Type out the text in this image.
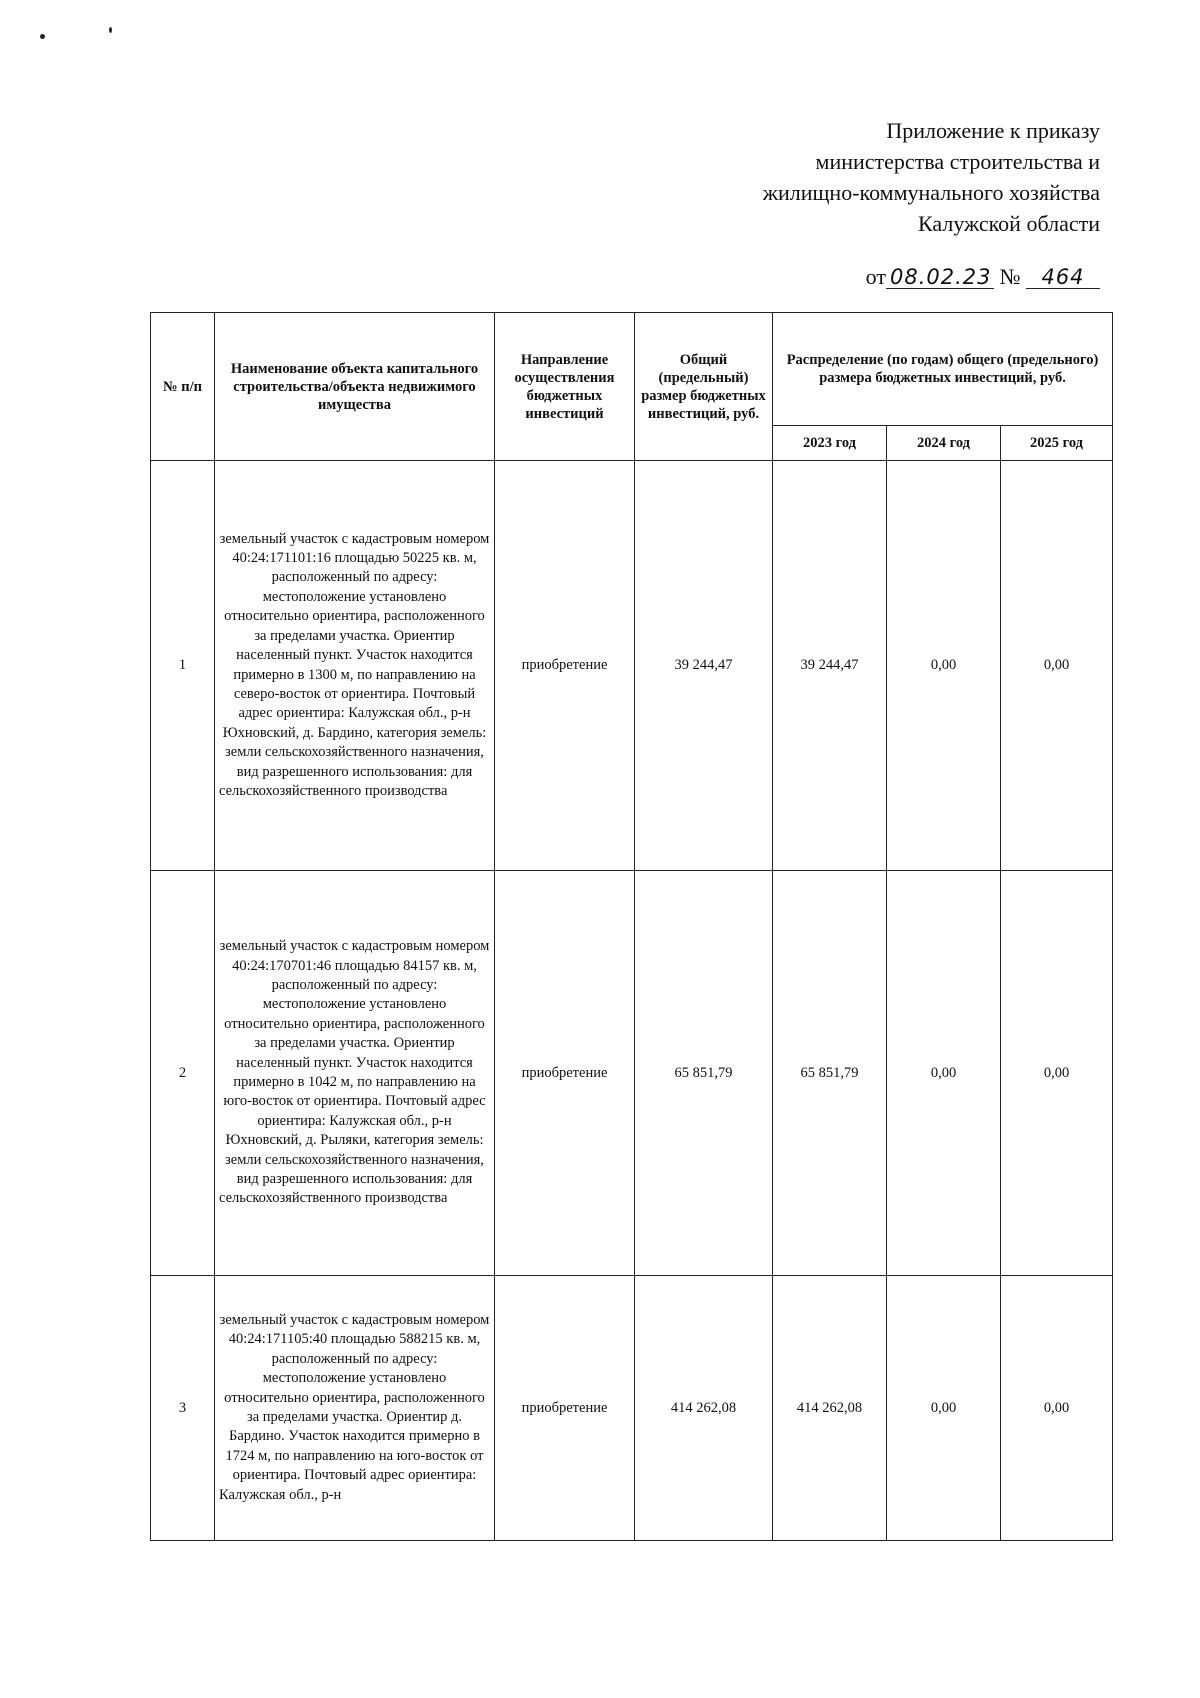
Приложение к приказу
министерства строительства и
жилищно-коммунального хозяйства
Калужской области
от 08.02.23 № 464
№ п/п	Наименование объекта капитального строительства/объекта недвижимого имущества	Направление осуществления бюджетных инвестиций	Общий (предельный) размер бюджетных инвестиций, руб.	Распределение (по годам) общего (предельного) размера бюджетных инвестиций, руб.		
				2023 год	2024 год	2025 год
1	земельный участок с кадастровым номером 40:24:171101:16 площадью 50225 кв. м, расположенный по адресу: местоположение установлено относительно ориентира, расположенного за пределами участка. Ориентир населенный пункт. Участок находится примерно в 1300 м, по направлению на северо-восток от ориентира. Почтовый адрес ориентира: Калужская обл., р-н Юхновский, д. Бардино, категория земель: земли сельскохозяйственного назначения, вид разрешенного использования: для сельскохозяйственного производства	приобретение	39 244,47	39 244,47	0,00	0,00
2	земельный участок с кадастровым номером 40:24:170701:46 площадью 84157 кв. м, расположенный по адресу: местоположение установлено относительно ориентира, расположенного за пределами участка. Ориентир населенный пункт. Участок находится примерно в 1042 м, по направлению на юго-восток от ориентира. Почтовый адрес ориентира: Калужская обл., р-н Юхновский, д. Рыляки, категория земель: земли сельскохозяйственного назначения, вид разрешенного использования: для сельскохозяйственного производства	приобретение	65 851,79	65 851,79	0,00	0,00
3	земельный участок с кадастровым номером 40:24:171105:40 площадью 588215 кв. м, расположенный по адресу: местоположение установлено относительно ориентира, расположенного за пределами участка. Ориентир д. Бардино. Участок находится примерно в 1724 м, по направлению на юго-восток от ориентира. Почтовый адрес ориентира: Калужская обл., р-н	приобретение	414 262,08	414 262,08	0,00	0,00
